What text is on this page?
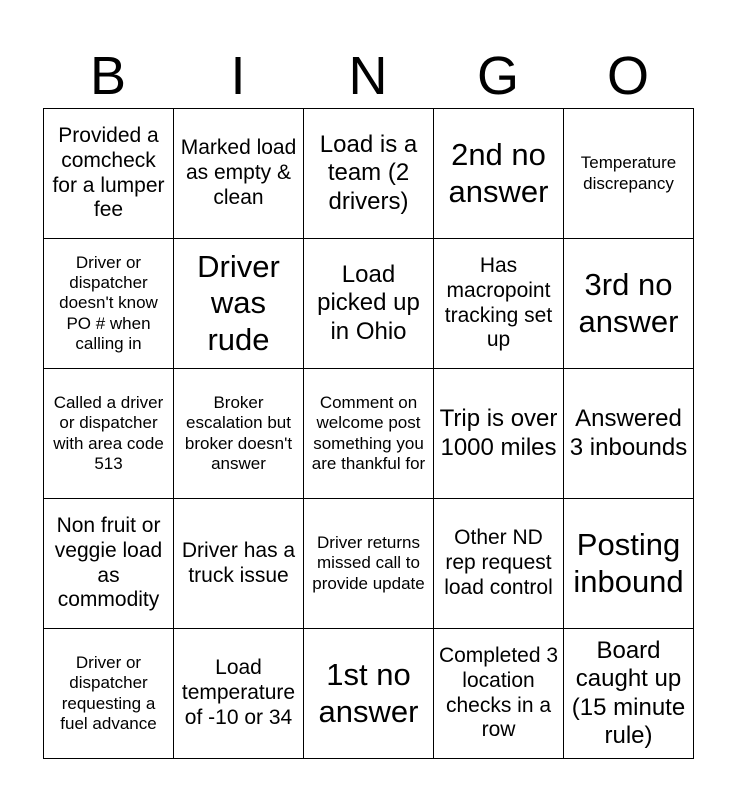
B	I	N	G	O
Provided a comcheck for a lumper fee	Marked load as empty & clean	Load is a team (2 drivers)	2nd no answer	Temperature discrepancy
Driver or dispatcher doesn't know PO # when calling in	Driver was rude	Load picked up in Ohio	Has macropoint tracking set up	3rd no answer
Called a driver or dispatcher with area code 513	Broker escalation but broker doesn't answer	Comment on welcome post something you are thankful for	Trip is over 1000 miles	Answered 3 inbounds
Non fruit or veggie load as commodity	Driver has a truck issue	Driver returns missed call to provide update	Other ND rep request load control	Posting inbound
Driver or dispatcher requesting a fuel advance	Load temperature of -10 or 34	1st no answer	Completed 3 location checks in a row	Board caught up (15 minute rule)
